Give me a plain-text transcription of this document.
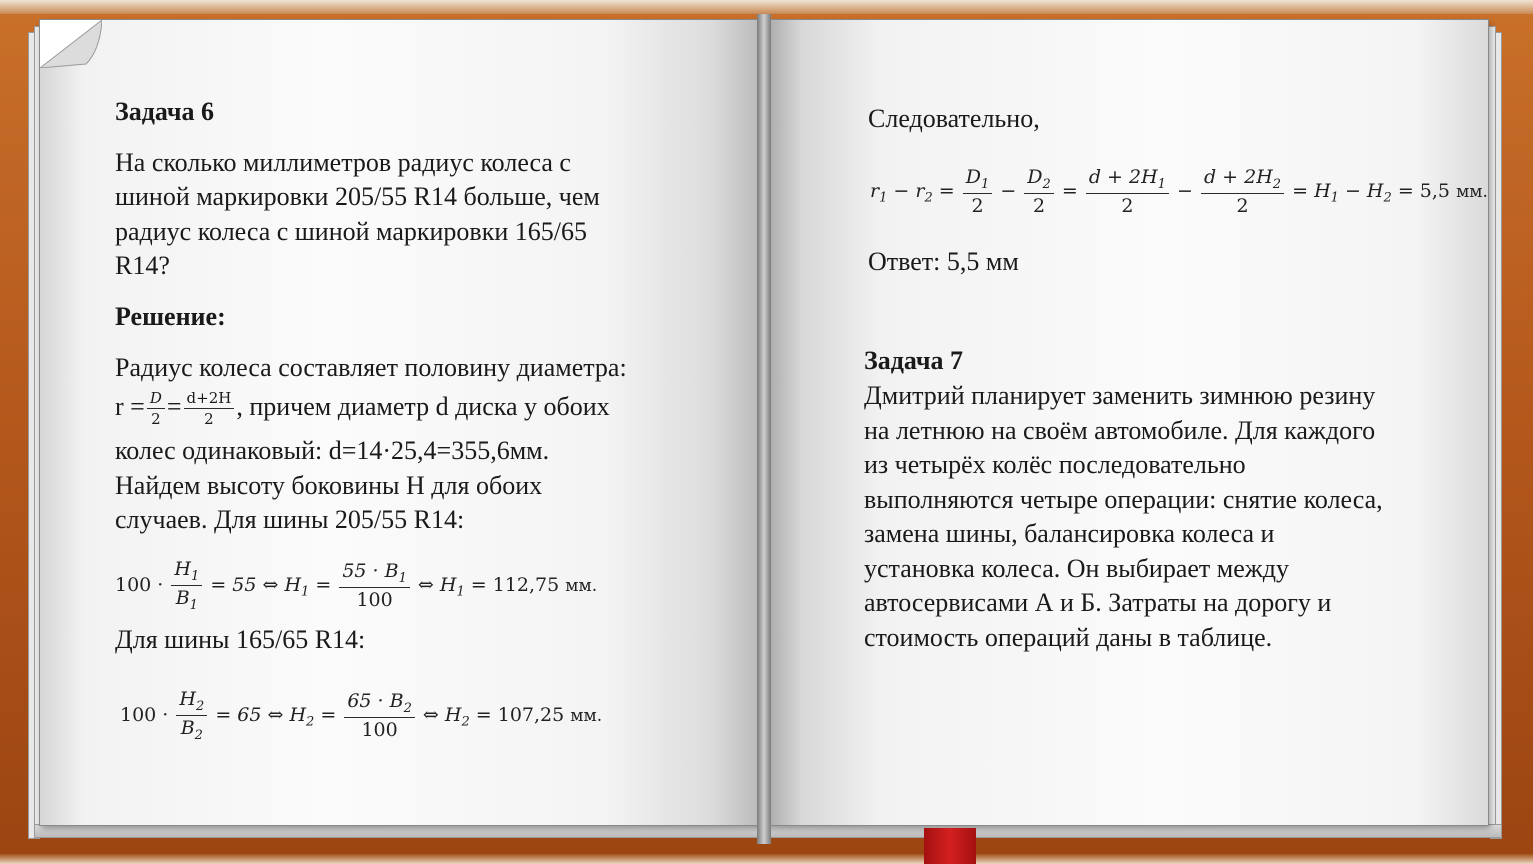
Задача 6
На сколько миллиметров радиус колеса с
шиной маркировки 205/55 R14 больше, чем
радиус колеса с шиной маркировки 165/65
R14?
Решение:
Радиус колеса составляет половину диаметра:
$r = \frac{D}{2} = \frac{d+2H}{2}$ , причем диаметр d диска у обоих
колес одинаковый: d=14·25,4=355,6мм.
Найдем высоту боковины H для обоих
случаев. Для шины 205/55 R14:
$100 \cdot \frac{H_1}{B_1} = 55$ ⇔ $H_1 = \frac{55 \cdot B_1}{100}$ ⇔ $H_1 = 112,75$ мм.
Для шины 165/65 R14:
$100 \cdot \frac{H_2}{B_2} = 65$ ⇔ $H_2 = \frac{65 \cdot B_2}{100}$ ⇔ $H_2 = 107,25$ мм.
Следовательно,
$r_1 - r_2 = \frac{D_1}{2} - \frac{D_2}{2} = \frac{d + 2H_1}{2} - \frac{d + 2H_2}{2} = H_1 - H_2 = 5,5$ мм.
Ответ: 5,5 мм
Задача 7
Дмитрий планирует заменить зимнюю резину
на летнюю на своём автомобиле. Для каждого
из четырёх колёс последовательно
выполняются четыре операции: снятие колеса,
замена шины, балансировка колеса и
установка колеса. Он выбирает между
автосервисами А и Б. Затраты на дорогу и
стоимость операций даны в таблице.
